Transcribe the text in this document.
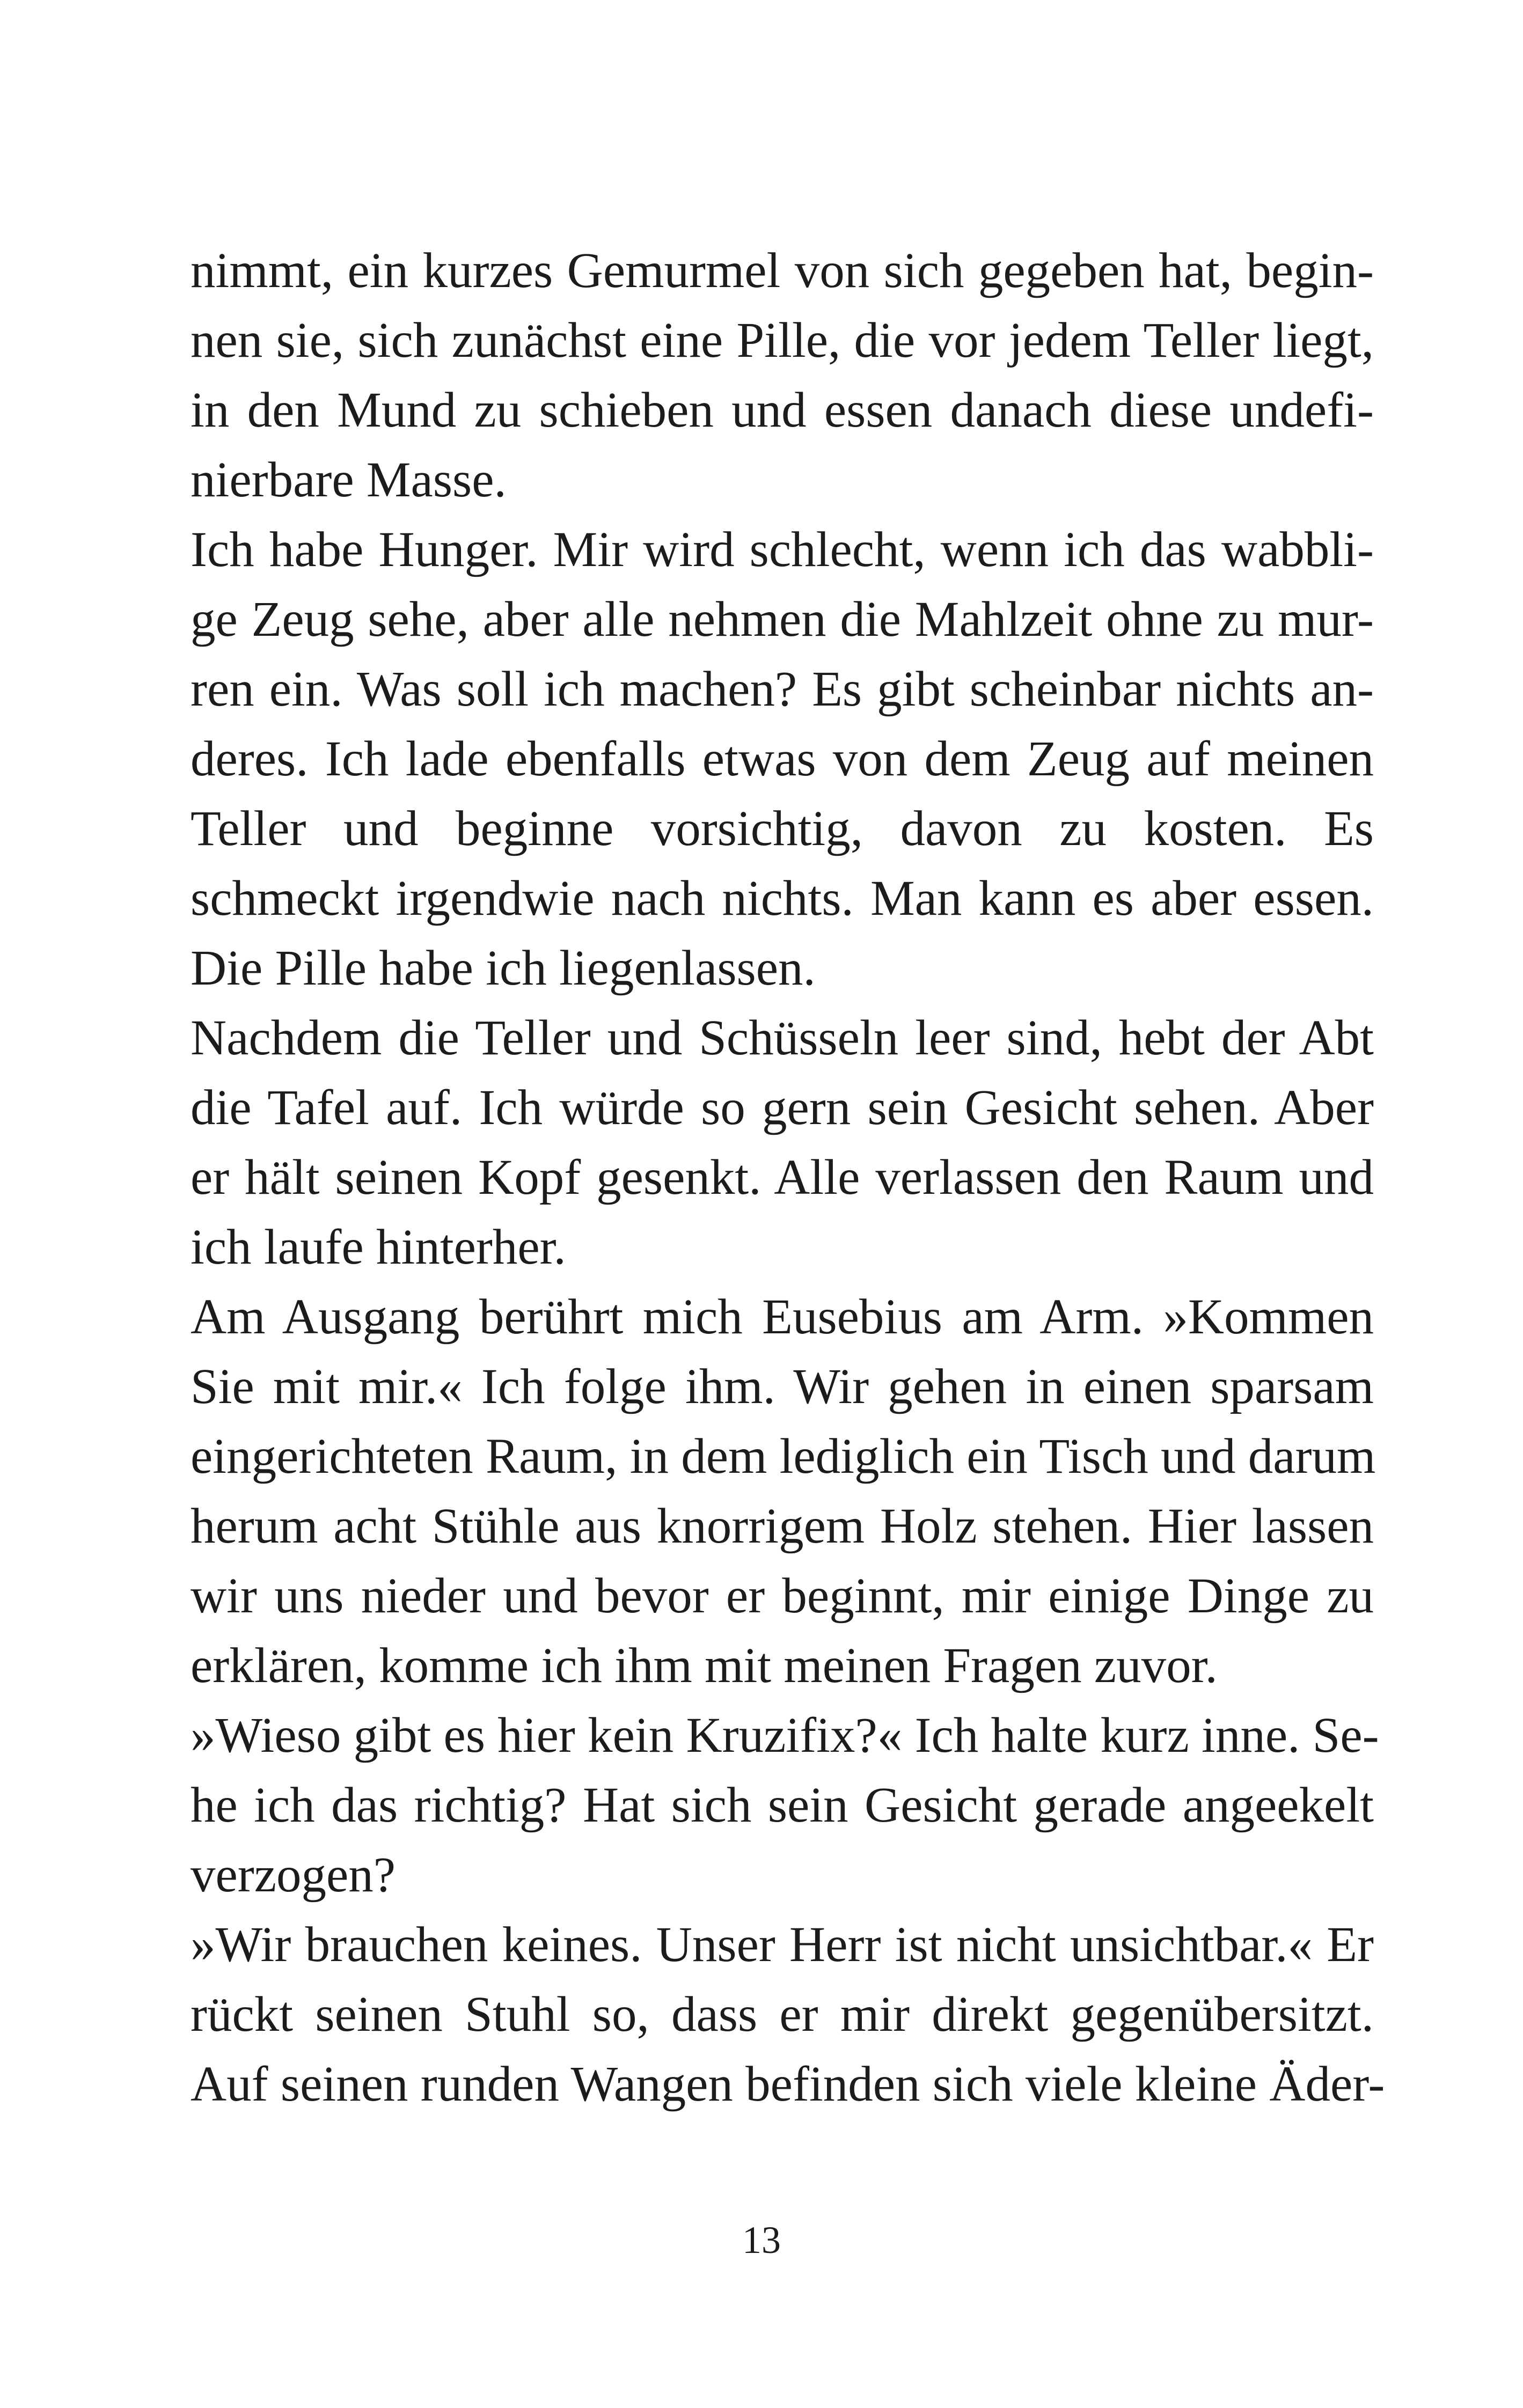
nimmt, ein kurzes Gemurmel von sich gegeben hat, begin-
nen sie, sich zunächst eine Pille, die vor jedem Teller liegt,
in den Mund zu schieben und essen danach diese undefi-
nierbare Masse.
Ich habe Hunger. Mir wird schlecht, wenn ich das wabbli-
ge Zeug sehe, aber alle nehmen die Mahlzeit ohne zu mur-
ren ein. Was soll ich machen? Es gibt scheinbar nichts an-
deres. Ich lade ebenfalls etwas von dem Zeug auf meinen
Teller und beginne vorsichtig, davon zu kosten. Es
schmeckt irgendwie nach nichts. Man kann es aber essen.
Die Pille habe ich liegenlassen.
Nachdem die Teller und Schüsseln leer sind, hebt der Abt
die Tafel auf. Ich würde so gern sein Gesicht sehen. Aber
er hält seinen Kopf gesenkt. Alle verlassen den Raum und
ich laufe hinterher.
Am Ausgang berührt mich Eusebius am Arm. »Kommen
Sie mit mir.« Ich folge ihm. Wir gehen in einen sparsam
eingerichteten Raum, in dem lediglich ein Tisch und darum
herum acht Stühle aus knorrigem Holz stehen. Hier lassen
wir uns nieder und bevor er beginnt, mir einige Dinge zu
erklären, komme ich ihm mit meinen Fragen zuvor.
»Wieso gibt es hier kein Kruzifix?« Ich halte kurz inne. Se-
he ich das richtig? Hat sich sein Gesicht gerade angeekelt
verzogen?
»Wir brauchen keines. Unser Herr ist nicht unsichtbar.« Er
rückt seinen Stuhl so, dass er mir direkt gegenübersitzt.
Auf seinen runden Wangen befinden sich viele kleine Äder-
13
